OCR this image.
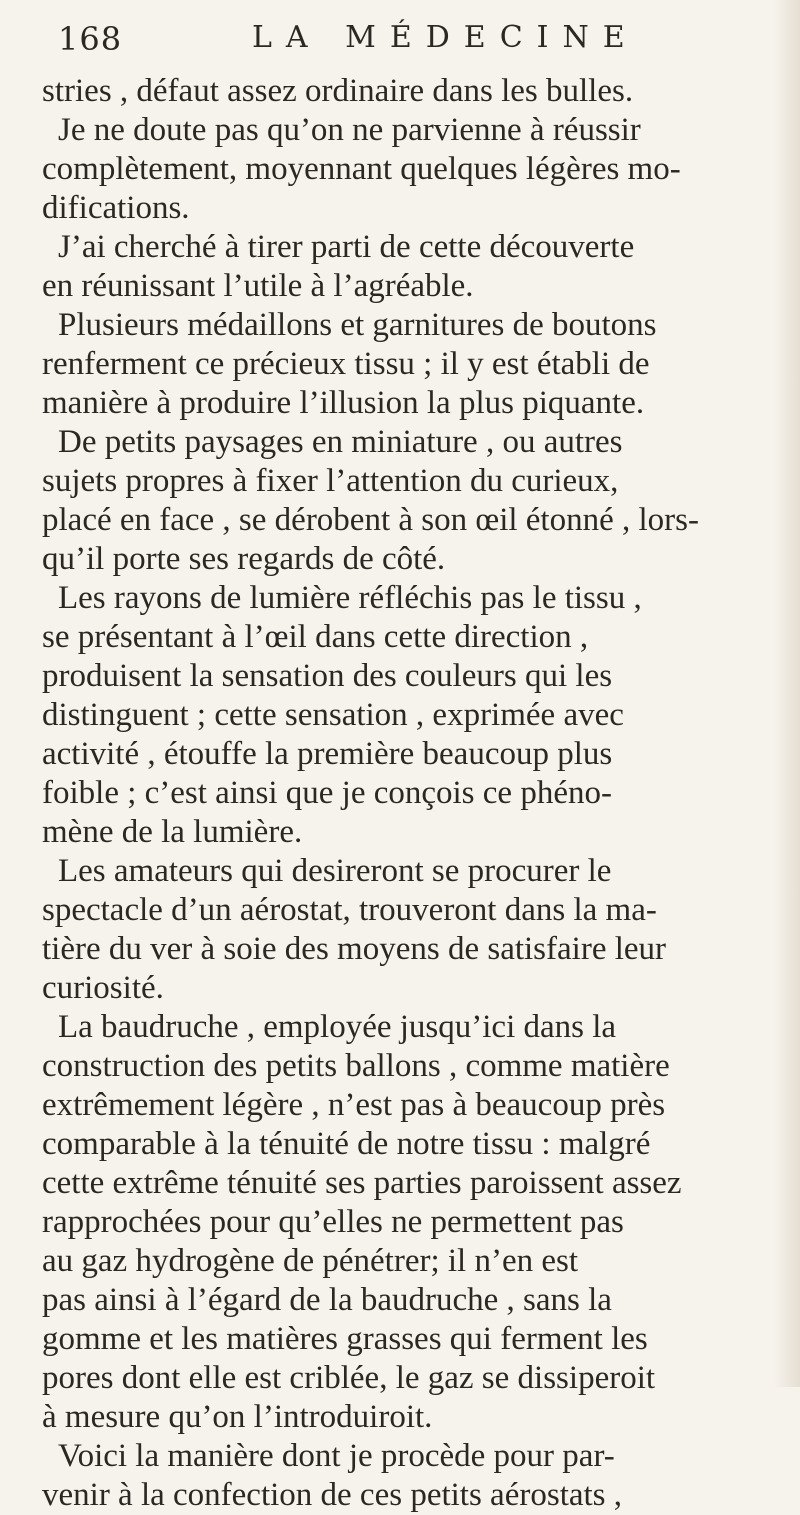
168	LA MÉDECINE
stries , défaut assez ordinaire dans les bulles.
Je ne doute pas qu’on ne parvienne à réussir
complètement, moyennant quelques légères mo-
difications.
J’ai cherché à tirer parti de cette découverte
en réunissant l’utile à l’agréable.
Plusieurs médaillons et garnitures de boutons
renferment ce précieux tissu ; il y est établi de
manière à produire l’illusion la plus piquante.
De petits paysages en miniature , ou autres
sujets propres à fixer l’attention du curieux,
placé en face , se dérobent à son œil étonné , lors-
qu’il porte ses regards de côté.
Les rayons de lumière réfléchis pas le tissu ,
se présentant à l’œil dans cette direction ,
produisent la sensation des couleurs qui les
distinguent ; cette sensation , exprimée avec
activité , étouffe la première beaucoup plus
foible ; c’est ainsi que je conçois ce phéno-
mène de la lumière.
Les amateurs qui desireront se procurer le
spectacle d’un aérostat, trouveront dans la ma-
tière du ver à soie des moyens de satisfaire leur
curiosité.
La baudruche , employée jusqu’ici dans la
construction des petits ballons , comme matière
extrêmement légère , n’est pas à beaucoup près
comparable à la ténuité de notre tissu : malgré
cette extrême ténuité ses parties paroissent assez
rapprochées pour qu’elles ne permettent pas
au gaz hydrogène de pénétrer; il n’en est
pas ainsi à l’égard de la baudruche , sans la
gomme et les matières grasses qui ferment les
pores dont elle est criblée, le gaz se dissiperoit
à mesure qu’on l’introduiroit.
Voici la manière dont je procède pour par-
venir à la confection de ces petits aérostats ,
